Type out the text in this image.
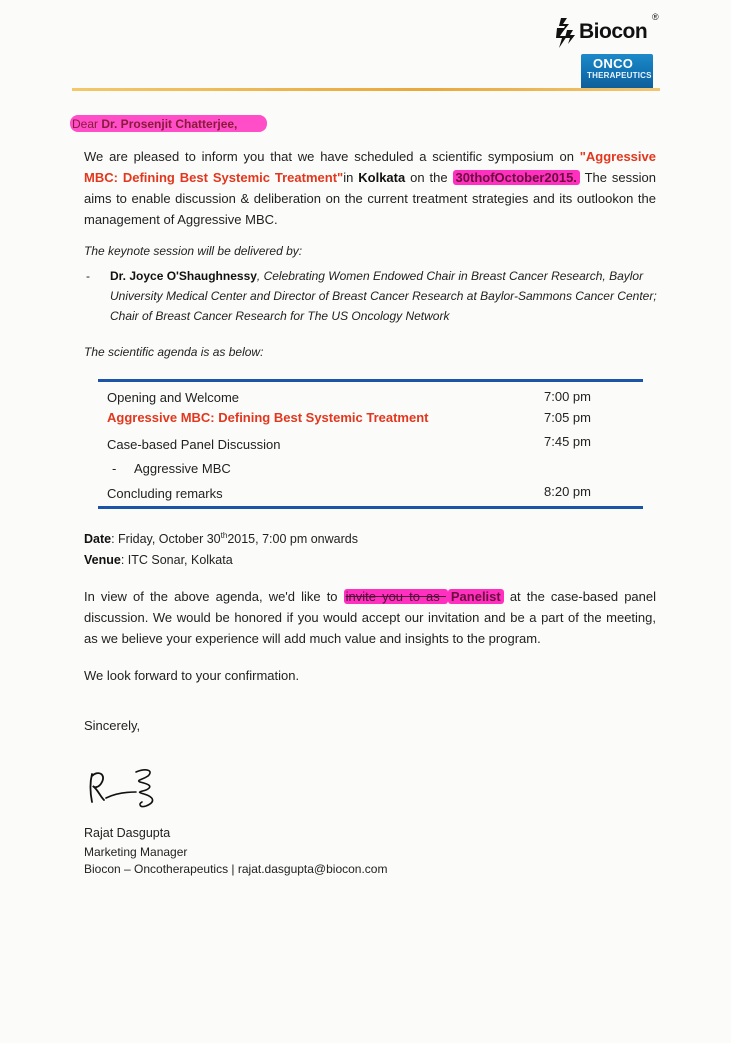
Biocon
®
ONCO
THERAPEUTICS
Dear Dr. Prosenjit Chatterjee,
We are pleased to inform you that we have scheduled a scientific symposium on "Aggressive MBC: Defining Best Systemic Treatment"in Kolkata on the 30thofOctober2015. The session aims to enable discussion & deliberation on the current treatment strategies and its outlookon the management of Aggressive MBC.
The keynote session will be delivered by:
- Dr. Joyce O'Shaughnessy, Celebrating Women Endowed Chair in Breast Cancer Research, Baylor University Medical Center and Director of Breast Cancer Research at Baylor-Sammons Cancer Center; Chair of Breast Cancer Research for The US Oncology Network
The scientific agenda is as below:
Opening and Welcome	7:00 pm
Aggressive MBC: Defining Best Systemic Treatment	7:05 pm
Case-based Panel Discussion	7:45 pm
- Aggressive MBC
Concluding remarks	8:20 pm
Date: Friday, October 30th2015, 7:00 pm onwards
Venue: ITC Sonar, Kolkata
In view of the above agenda, we'd like to invite you to as Panelist at the case-based panel discussion. We would be honored if you would accept our invitation and be a part of the meeting, as we believe your experience will add much value and insights to the program.
We look forward to your confirmation.
Sincerely,
Rajat Dasgupta
Marketing Manager
Biocon – Oncotherapeutics | rajat.dasgupta@biocon.com
